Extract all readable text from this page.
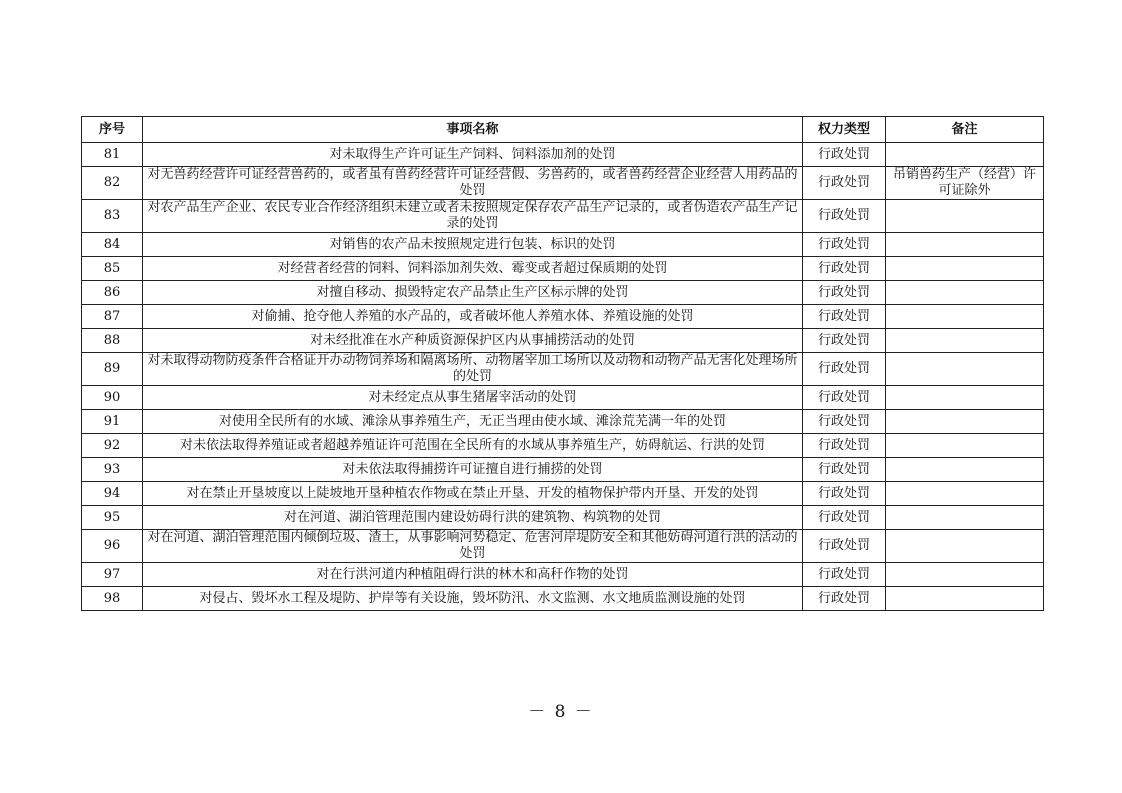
序号	事项名称	权力类型	备注
81	对未取得生产许可证生产饲料、饲料添加剂的处罚	行政处罚	
82	对无兽药经营许可证经营兽药的，或者虽有兽药经营许可证经营假、劣兽药的，或者兽药经营企业经营人用药品的处罚	行政处罚	吊销兽药生产（经营）许可证除外
83	对农产品生产企业、农民专业合作经济组织未建立或者未按照规定保存农产品生产记录的，或者伪造农产品生产记录的处罚	行政处罚	
84	对销售的农产品未按照规定进行包装、标识的处罚	行政处罚	
85	对经营者经营的饲料、饲料添加剂失效、霉变或者超过保质期的处罚	行政处罚	
86	对擅自移动、损毁特定农产品禁止生产区标示牌的处罚	行政处罚	
87	对偷捕、抢夺他人养殖的水产品的，或者破坏他人养殖水体、养殖设施的处罚	行政处罚	
88	对未经批准在水产种质资源保护区内从事捕捞活动的处罚	行政处罚	
89	对未取得动物防疫条件合格证开办动物饲养场和隔离场所、动物屠宰加工场所以及动物和动物产品无害化处理场所的处罚	行政处罚	
90	对未经定点从事生猪屠宰活动的处罚	行政处罚	
91	对使用全民所有的水域、滩涂从事养殖生产，无正当理由使水域、滩涂荒芜满一年的处罚	行政处罚	
92	对未依法取得养殖证或者超越养殖证许可范围在全民所有的水域从事养殖生产，妨碍航运、行洪的处罚	行政处罚	
93	对未依法取得捕捞许可证擅自进行捕捞的处罚	行政处罚	
94	对在禁止开垦坡度以上陡坡地开垦种植农作物或在禁止开垦、开发的植物保护带内开垦、开发的处罚	行政处罚	
95	对在河道、湖泊管理范围内建设妨碍行洪的建筑物、构筑物的处罚	行政处罚	
96	对在河道、湖泊管理范围内倾倒垃圾、渣土，从事影响河势稳定、危害河岸堤防安全和其他妨碍河道行洪的活动的处罚	行政处罚	
97	对在行洪河道内种植阻碍行洪的林木和高秆作物的处罚	行政处罚	
98	对侵占、毁坏水工程及堤防、护岸等有关设施，毁坏防汛、水文监测、水文地质监测设施的处罚	行政处罚	
－ 8 －
